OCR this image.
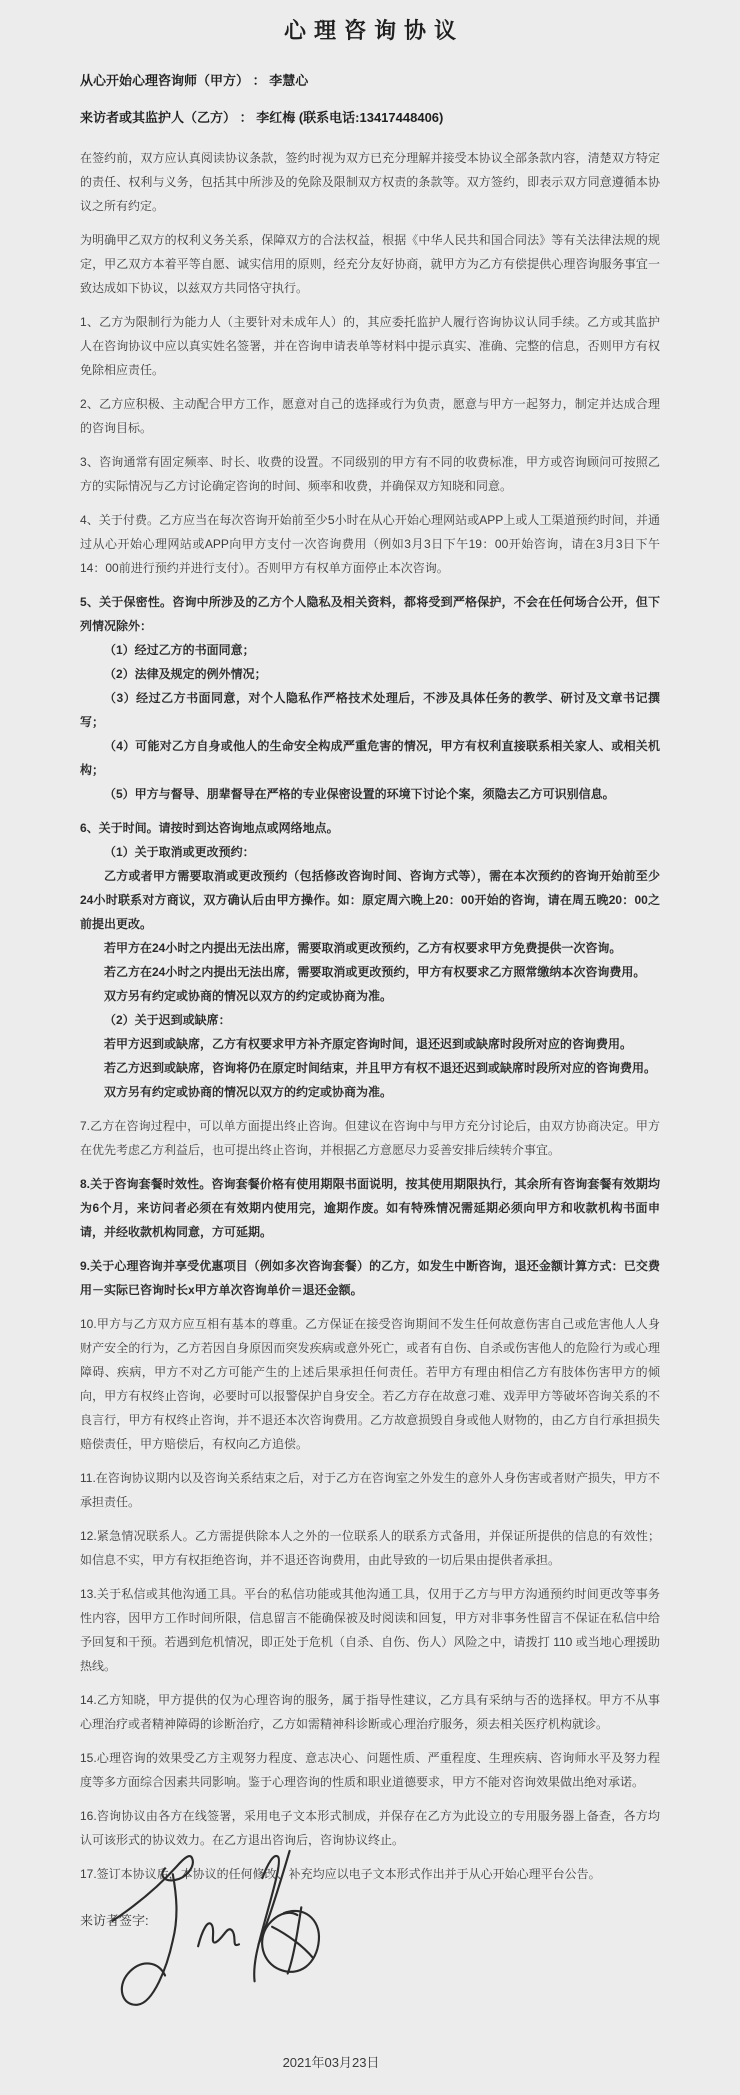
心理咨询协议
从心开始心理咨询师（甲方） ： 李慧心
来访者或其监护人（乙方） ： 李红梅 (联系电话:13417448406)

在签约前，双方应认真阅读协议条款，签约时视为双方已充分理解并接受本协议全部条款内容，清楚双方特定的责任、权利与义务，包括其中所涉及的免除及限制双方权责的条款等。双方签约，即表示双方同意遵循本协议之所有约定。

为明确甲乙双方的权利义务关系，保障双方的合法权益，根据《中华人民共和国合同法》等有关法律法规的规定，甲乙双方本着平等自愿、诚实信用的原则，经充分友好协商，就甲方为乙方有偿提供心理咨询服务事宜一致达成如下协议，以兹双方共同恪守执行。

1、乙方为限制行为能力人（主要针对未成年人）的，其应委托监护人履行咨询协议认同手续。乙方或其监护人在咨询协议中应以真实姓名签署，并在咨询申请表单等材料中提示真实、准确、完整的信息，否则甲方有权免除相应责任。

2、乙方应积极、主动配合甲方工作，愿意对自己的选择或行为负责，愿意与甲方一起努力，制定并达成合理的咨询目标。

3、咨询通常有固定频率、时长、收费的设置。不同级别的甲方有不同的收费标准，甲方或咨询顾问可按照乙方的实际情况与乙方讨论确定咨询的时间、频率和收费，并确保双方知晓和同意。

4、关于付费。乙方应当在每次咨询开始前至少5小时在从心开始心理网站或APP上或人工渠道预约时间，并通过从心开始心理网站或APP向甲方支付一次咨询费用（例如3月3日下午19：00开始咨询，请在3月3日下午14：00前进行预约并进行支付）。否则甲方有权单方面停止本次咨询。

5、关于保密性。咨询中所涉及的乙方个人隐私及相关资料，都将受到严格保护，不会在任何场合公开，但下列情况除外：

（1）经过乙方的书面同意；

（2）法律及规定的例外情况；

（3）经过乙方书面同意，对个人隐私作严格技术处理后，不涉及具体任务的教学、研讨及文章书记撰写；

（4）可能对乙方自身或他人的生命安全构成严重危害的情况，甲方有权利直接联系相关家人、或相关机构；

（5）甲方与督导、朋辈督导在严格的专业保密设置的环境下讨论个案，须隐去乙方可识别信息。

6、关于时间。请按时到达咨询地点或网络地点。

（1）关于取消或更改预约：

乙方或者甲方需要取消或更改预约（包括修改咨询时间、咨询方式等），需在本次预约的咨询开始前至少24小时联系对方商议，双方确认后由甲方操作。如：原定周六晚上20：00开始的咨询，请在周五晚20：00之前提出更改。

若甲方在24小时之内提出无法出席，需要取消或更改预约，乙方有权要求甲方免费提供一次咨询。

若乙方在24小时之内提出无法出席，需要取消或更改预约，甲方有权要求乙方照常缴纳本次咨询费用。

双方另有约定或协商的情况以双方的约定或协商为准。

（2）关于迟到或缺席：

若甲方迟到或缺席，乙方有权要求甲方补齐原定咨询时间，退还迟到或缺席时段所对应的咨询费用。

若乙方迟到或缺席，咨询将仍在原定时间结束，并且甲方有权不退还迟到或缺席时段所对应的咨询费用。

双方另有约定或协商的情况以双方的约定或协商为准。

7.乙方在咨询过程中，可以单方面提出终止咨询。但建议在咨询中与甲方充分讨论后，由双方协商决定。甲方在优先考虑乙方利益后，也可提出终止咨询，并根据乙方意愿尽力妥善安排后续转介事宜。

8.关于咨询套餐时效性。咨询套餐价格有使用期限书面说明，按其使用期限执行，其余所有咨询套餐有效期均为6个月，来访问者必须在有效期内使用完，逾期作废。如有特殊情况需延期必须向甲方和收款机构书面申请，并经收款机构同意，方可延期。

9.关于心理咨询并享受优惠项目（例如多次咨询套餐）的乙方，如发生中断咨询，退还金额计算方式：已交费用－实际已咨询时长x甲方单次咨询单价＝退还金额。

10.甲方与乙方双方应互相有基本的尊重。乙方保证在接受咨询期间不发生任何故意伤害自己或危害他人人身财产安全的行为，乙方若因自身原因而突发疾病或意外死亡，或者有自伤、自杀或伤害他人的危险行为或心理障碍、疾病，甲方不对乙方可能产生的上述后果承担任何责任。若甲方有理由相信乙方有肢体伤害甲方的倾向，甲方有权终止咨询，必要时可以报警保护自身安全。若乙方存在故意刁难、戏弄甲方等破坏咨询关系的不良言行，甲方有权终止咨询，并不退还本次咨询费用。乙方故意损毁自身或他人财物的，由乙方自行承担损失赔偿责任，甲方赔偿后，有权向乙方追偿。

11.在咨询协议期内以及咨询关系结束之后，对于乙方在咨询室之外发生的意外人身伤害或者财产损失，甲方不承担责任。

12.紧急情况联系人。乙方需提供除本人之外的一位联系人的联系方式备用，并保证所提供的信息的有效性；如信息不实，甲方有权拒绝咨询，并不退还咨询费用，由此导致的一切后果由提供者承担。

13.关于私信或其他沟通工具。平台的私信功能或其他沟通工具，仅用于乙方与甲方沟通预约时间更改等事务性内容，因甲方工作时间所限，信息留言不能确保被及时阅读和回复，甲方对非事务性留言不保证在私信中给予回复和干预。若遇到危机情况，即正处于危机（自杀、自伤、伤人）风险之中，请拨打 110 或当地心理援助热线。

14.乙方知晓，甲方提供的仅为心理咨询的服务，属于指导性建议，乙方具有采纳与否的选择权。甲方不从事心理治疗或者精神障碍的诊断治疗，乙方如需精神科诊断或心理治疗服务，须去相关医疗机构就诊。

15.心理咨询的效果受乙方主观努力程度、意志决心、问题性质、严重程度、生理疾病、咨询师水平及努力程度等多方面综合因素共同影响。鉴于心理咨询的性质和职业道德要求，甲方不能对咨询效果做出绝对承诺。

16.咨询协议由各方在线签署，采用电子文本形式制成，并保存在乙方为此设立的专用服务器上备查，各方均认可该形式的协议效力。在乙方退出咨询后，咨询协议终止。

17.签订本协议后，本协议的任何修改、补充均应以电子文本形式作出并于从心开始心理平台公告。

来访者签字:
2021年03月23日
